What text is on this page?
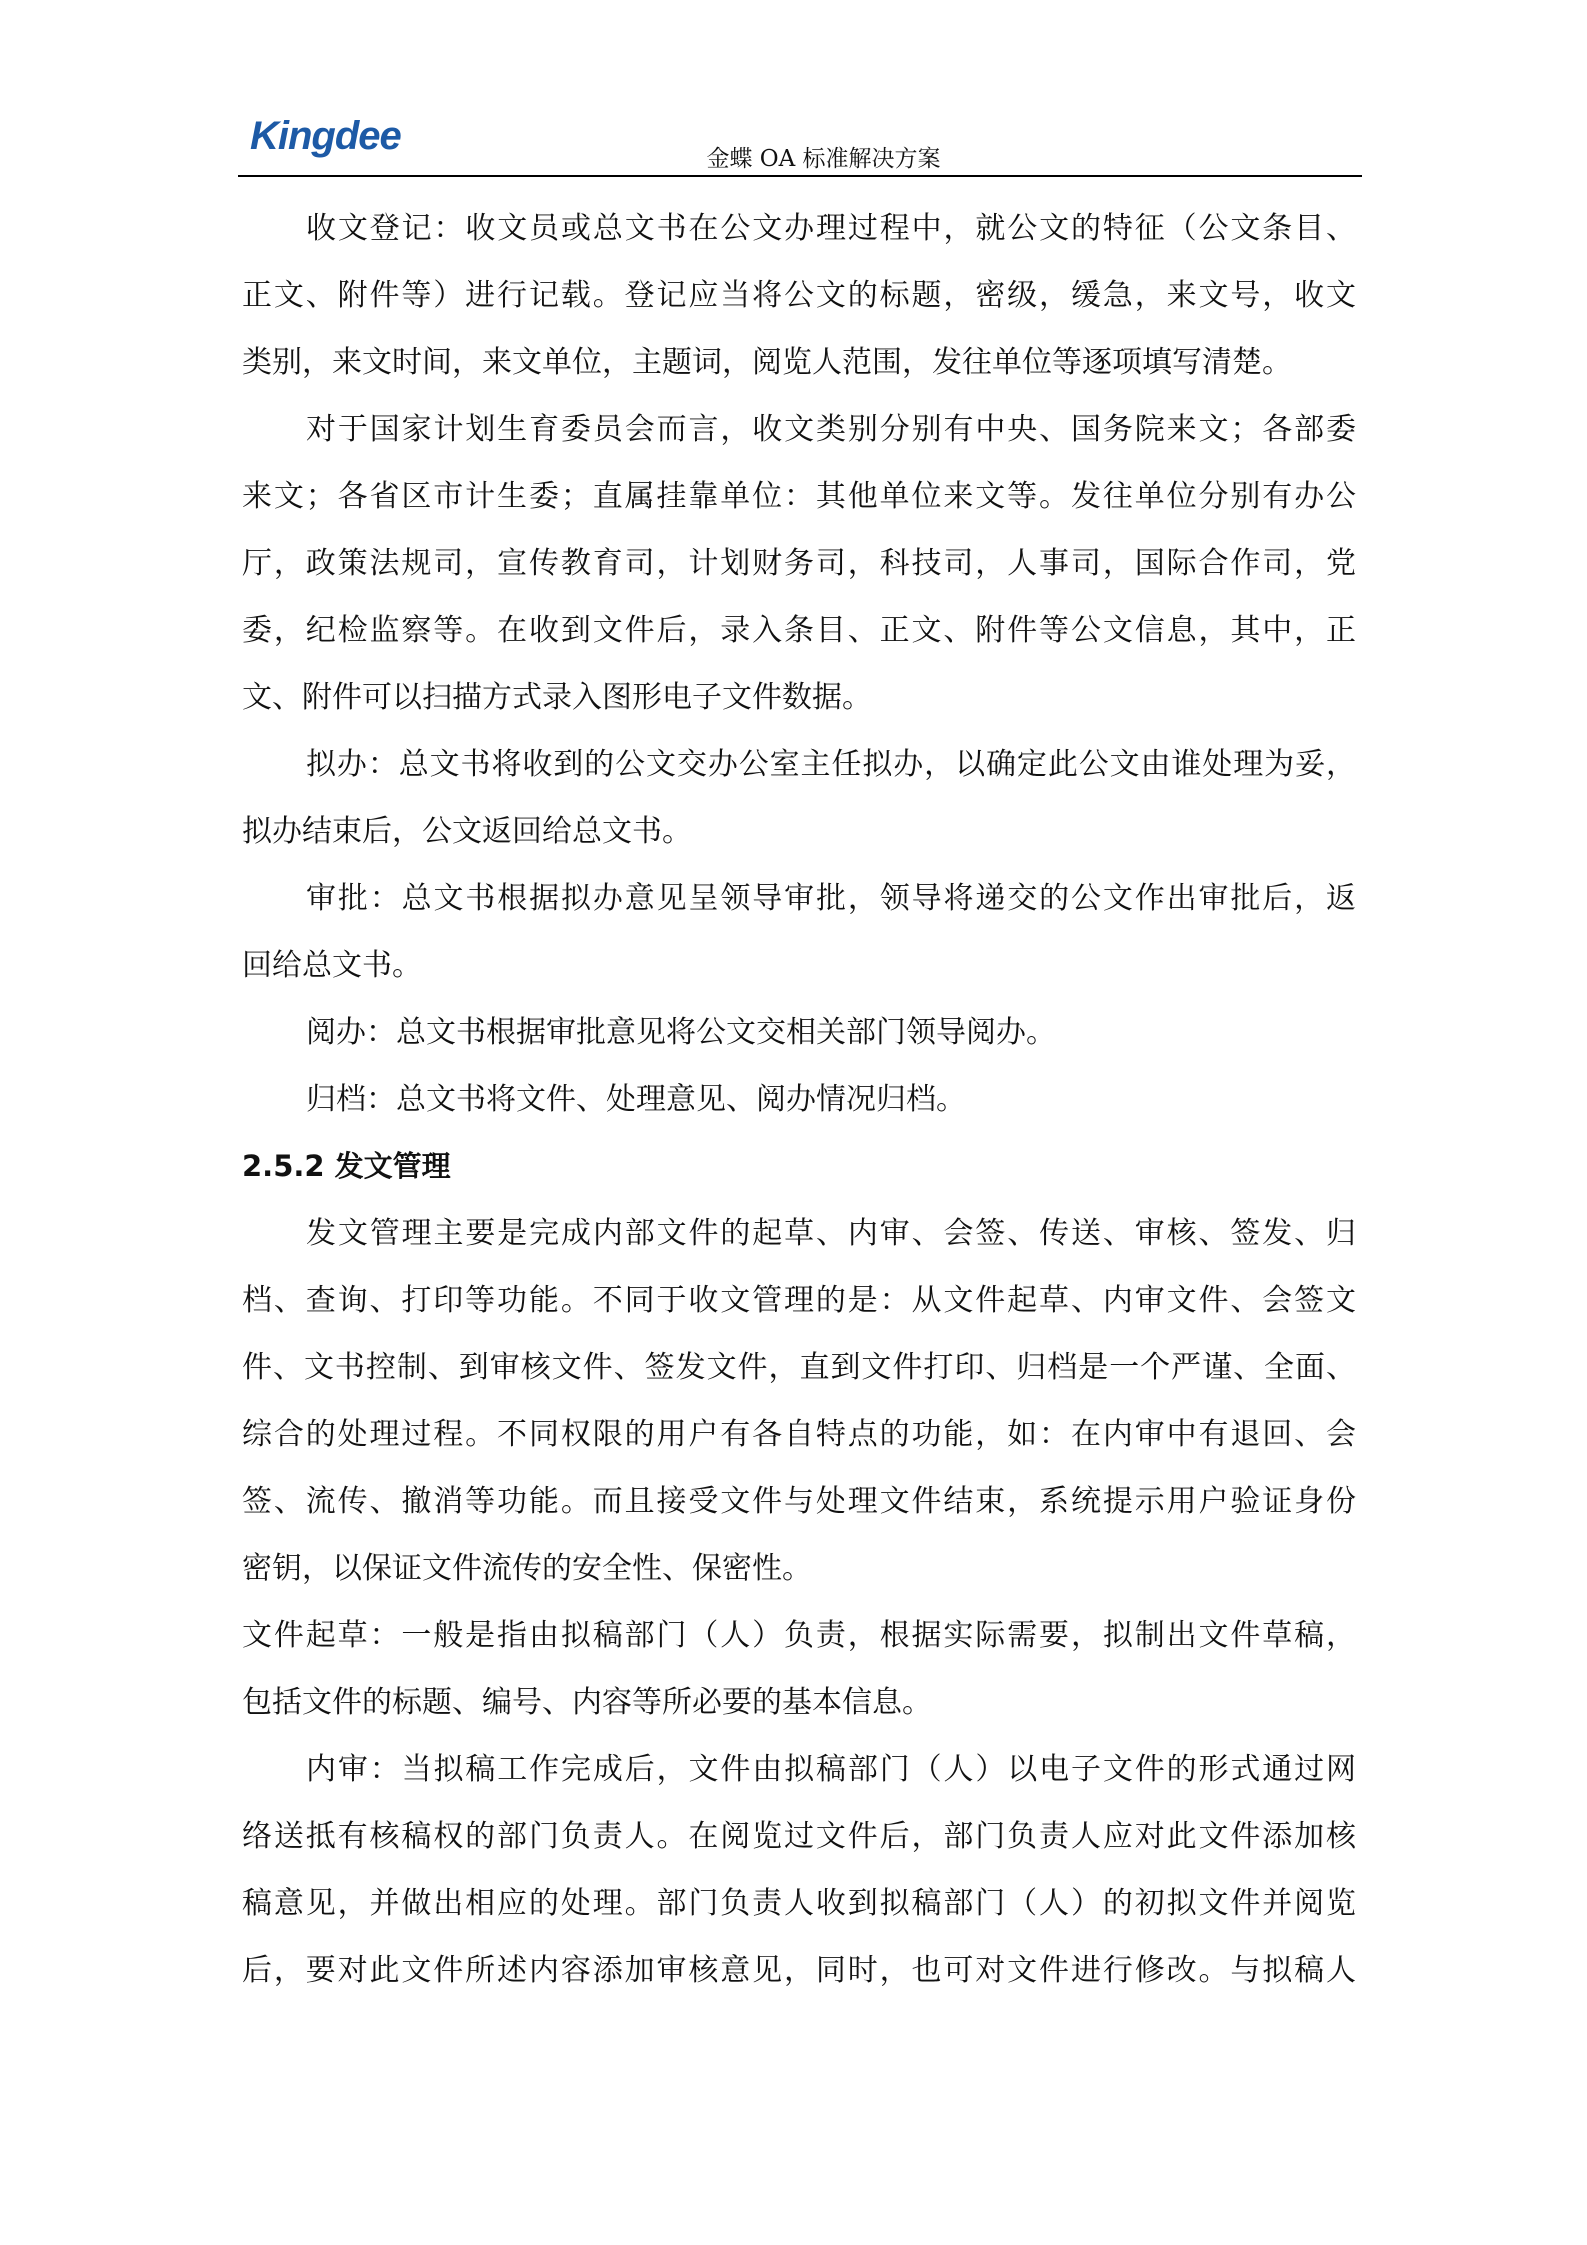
Kingdee
金蝶 OA 标准解决方案
收文登记：收文员或总文书在公文办理过程中，就公文的特征（公文条目、
正文、附件等）进行记载。登记应当将公文的标题，密级，缓急，来文号，收文
类别，来文时间，来文单位，主题词，阅览人范围，发往单位等逐项填写清楚。
对于国家计划生育委员会而言，收文类别分别有中央、国务院来文；各部委
来文；各省区市计生委；直属挂靠单位：其他单位来文等。发往单位分别有办公
厅，政策法规司，宣传教育司，计划财务司，科技司，人事司，国际合作司，党
委，纪检监察等。在收到文件后，录入条目、正文、附件等公文信息，其中，正
文、附件可以扫描方式录入图形电子文件数据。
拟办：总文书将收到的公文交办公室主任拟办，以确定此公文由谁处理为妥，
拟办结束后，公文返回给总文书。
审批：总文书根据拟办意见呈领导审批，领导将递交的公文作出审批后，返
回给总文书。
阅办：总文书根据审批意见将公文交相关部门领导阅办。
归档：总文书将文件、处理意见、阅办情况归档。
2.5.2 发文管理
发文管理主要是完成内部文件的起草、内审、会签、传送、审核、签发、归
档、查询、打印等功能。不同于收文管理的是：从文件起草、内审文件、会签文
件、文书控制、到审核文件、签发文件，直到文件打印、归档是一个严谨、全面、
综合的处理过程。不同权限的用户有各自特点的功能，如：在内审中有退回、会
签、流传、撤消等功能。而且接受文件与处理文件结束，系统提示用户验证身份
密钥，以保证文件流传的安全性、保密性。
文件起草：一般是指由拟稿部门（人）负责，根据实际需要，拟制出文件草稿，
包括文件的标题、编号、内容等所必要的基本信息。
内审：当拟稿工作完成后，文件由拟稿部门（人）以电子文件的形式通过网
络送抵有核稿权的部门负责人。在阅览过文件后，部门负责人应对此文件添加核
稿意见，并做出相应的处理。部门负责人收到拟稿部门（人）的初拟文件并阅览
后，要对此文件所述内容添加审核意见，同时，也可对文件进行修改。与拟稿人
